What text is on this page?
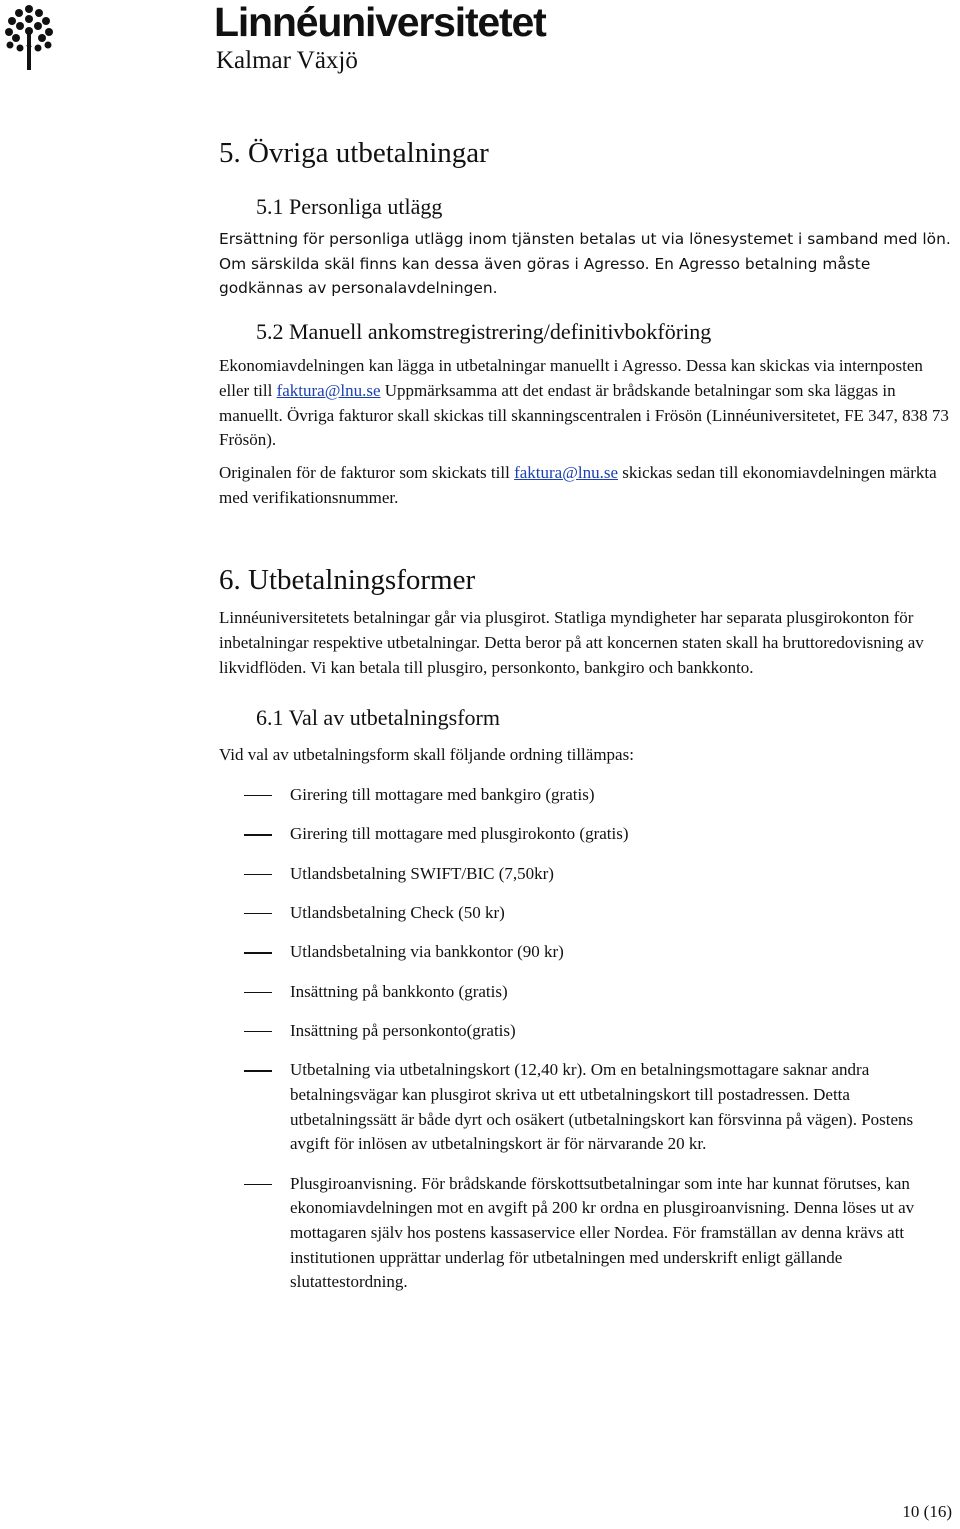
Linnéuniversitetet
Kalmar Växjö
5. Övriga utbetalningar
5.1 Personliga utlägg

Ersättning för personliga utlägg inom tjänsten betalas ut via lönesystemet i samband med lön. Om särskilda skäl finns kan dessa även göras i Agresso. En Agresso betalning måste godkännas av personalavdelningen.

5.2 Manuell ankomstregistrering/definitivbokföring

Ekonomiavdelningen kan lägga in utbetalningar manuellt i Agresso. Dessa kan skickas via internposten eller till faktura@lnu.se Uppmärksamma att det endast är brådskande betalningar som ska läggas in manuellt. Övriga fakturor skall skickas till skanningscentralen i Frösön (Linnéuniversitetet, FE 347, 838 73 Frösön).

Originalen för de fakturor som skickats till faktura@lnu.se skickas sedan till ekonomiavdelningen märkta med verifikationsnummer.

6. Utbetalningsformer

Linnéuniversitetets betalningar går via plusgirot. Statliga myndigheter har separata plusgirokonton för inbetalningar respektive utbetalningar. Detta beror på att koncernen staten skall ha bruttoredovisning av likvidflöden. Vi kan betala till plusgiro, personkonto, bankgiro och bankkonto.

6.1 Val av utbetalningsform

Vid val av utbetalningsform skall följande ordning tillämpas:

Girering till mottagare med bankgiro (gratis)
Girering till mottagare med plusgirokonto (gratis)
Utlandsbetalning SWIFT/BIC (7,50kr)
Utlandsbetalning Check (50 kr)
Utlandsbetalning via bankkontor (90 kr)
Insättning på bankkonto (gratis)
Insättning på personkonto(gratis)
Utbetalning via utbetalningskort (12,40 kr). Om en betalningsmottagare saknar andra betalningsvägar kan plusgirot skriva ut ett utbetalningskort till postadressen. Detta utbetalningssätt är både dyrt och osäkert (utbetalningskort kan försvinna på vägen). Postens avgift för inlösen av utbetalningskort är för närvarande 20 kr.
Plusgiroanvisning. För brådskande förskottsutbetalningar som inte har kunnat förutses, kan ekonomiavdelningen mot en avgift på 200 kr ordna en plusgiroanvisning. Denna löses ut av mottagaren själv hos postens kassaservice eller Nordea. För framställan av denna krävs att institutionen upprättar underlag för utbetalningen med underskrift enligt gällande slutattestordning.
10 (16)
